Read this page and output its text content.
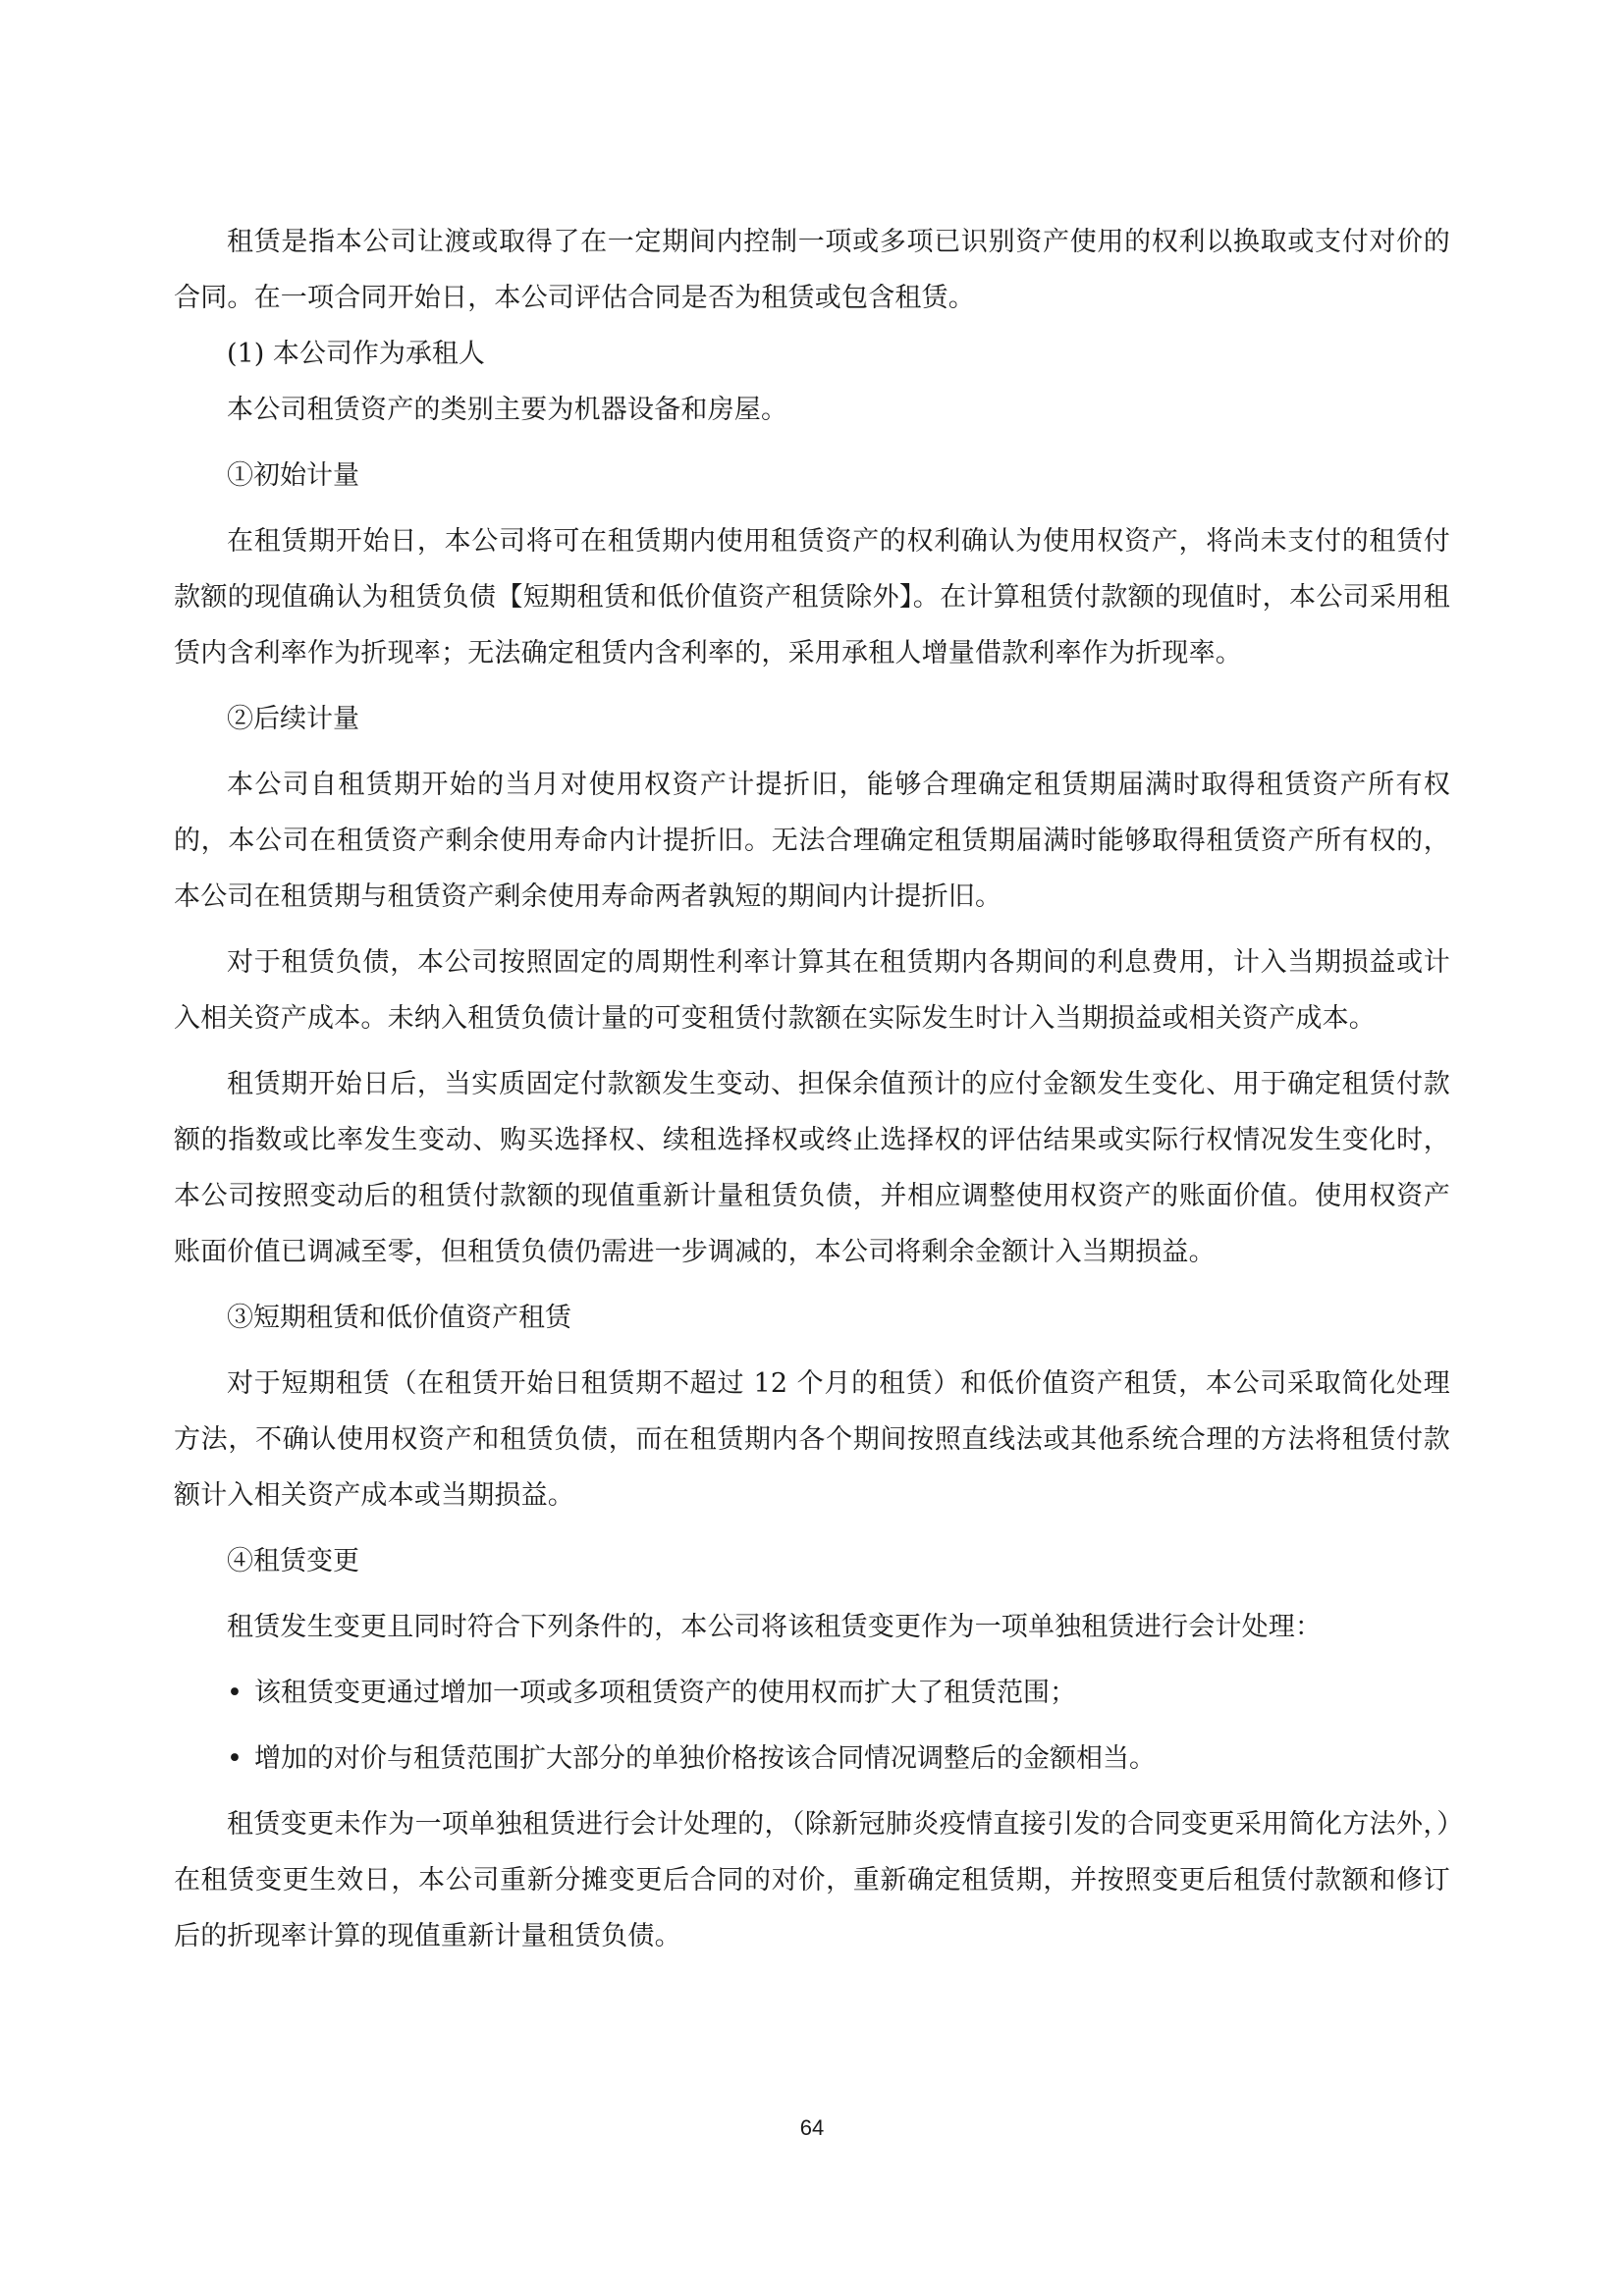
租赁是指本公司让渡或取得了在一定期间内控制一项或多项已识别资产使用的权利以换取或支付对价的合同。在一项合同开始日，本公司评估合同是否为租赁或包含租赁。

(1) 本公司作为承租人

本公司租赁资产的类别主要为机器设备和房屋。

①初始计量

在租赁期开始日，本公司将可在租赁期内使用租赁资产的权利确认为使用权资产，将尚未支付的租赁付款额的现值确认为租赁负债【短期租赁和低价值资产租赁除外】。在计算租赁付款额的现值时，本公司采用租赁内含利率作为折现率；无法确定租赁内含利率的，采用承租人增量借款利率作为折现率。

②后续计量

本公司自租赁期开始的当月对使用权资产计提折旧，能够合理确定租赁期届满时取得租赁资产所有权的，本公司在租赁资产剩余使用寿命内计提折旧。无法合理确定租赁期届满时能够取得租赁资产所有权的，本公司在租赁期与租赁资产剩余使用寿命两者孰短的期间内计提折旧。

对于租赁负债，本公司按照固定的周期性利率计算其在租赁期内各期间的利息费用，计入当期损益或计入相关资产成本。未纳入租赁负债计量的可变租赁付款额在实际发生时计入当期损益或相关资产成本。

租赁期开始日后，当实质固定付款额发生变动、担保余值预计的应付金额发生变化、用于确定租赁付款额的指数或比率发生变动、购买选择权、续租选择权或终止选择权的评估结果或实际行权情况发生变化时，本公司按照变动后的租赁付款额的现值重新计量租赁负债，并相应调整使用权资产的账面价值。使用权资产账面价值已调减至零，但租赁负债仍需进一步调减的，本公司将剩余金额计入当期损益。

③短期租赁和低价值资产租赁

对于短期租赁（在租赁开始日租赁期不超过 12 个月的租赁）和低价值资产租赁，本公司采取简化处理方法，不确认使用权资产和租赁负债，而在租赁期内各个期间按照直线法或其他系统合理的方法将租赁付款额计入相关资产成本或当期损益。

④租赁变更

租赁发生变更且同时符合下列条件的，本公司将该租赁变更作为一项单独租赁进行会计处理：

• 该租赁变更通过增加一项或多项租赁资产的使用权而扩大了租赁范围；

• 增加的对价与租赁范围扩大部分的单独价格按该合同情况调整后的金额相当。

租赁变更未作为一项单独租赁进行会计处理的，（除新冠肺炎疫情直接引发的合同变更采用简化方法外，）在租赁变更生效日，本公司重新分摊变更后合同的对价，重新确定租赁期，并按照变更后租赁付款额和修订后的折现率计算的现值重新计量租赁负债。

64
